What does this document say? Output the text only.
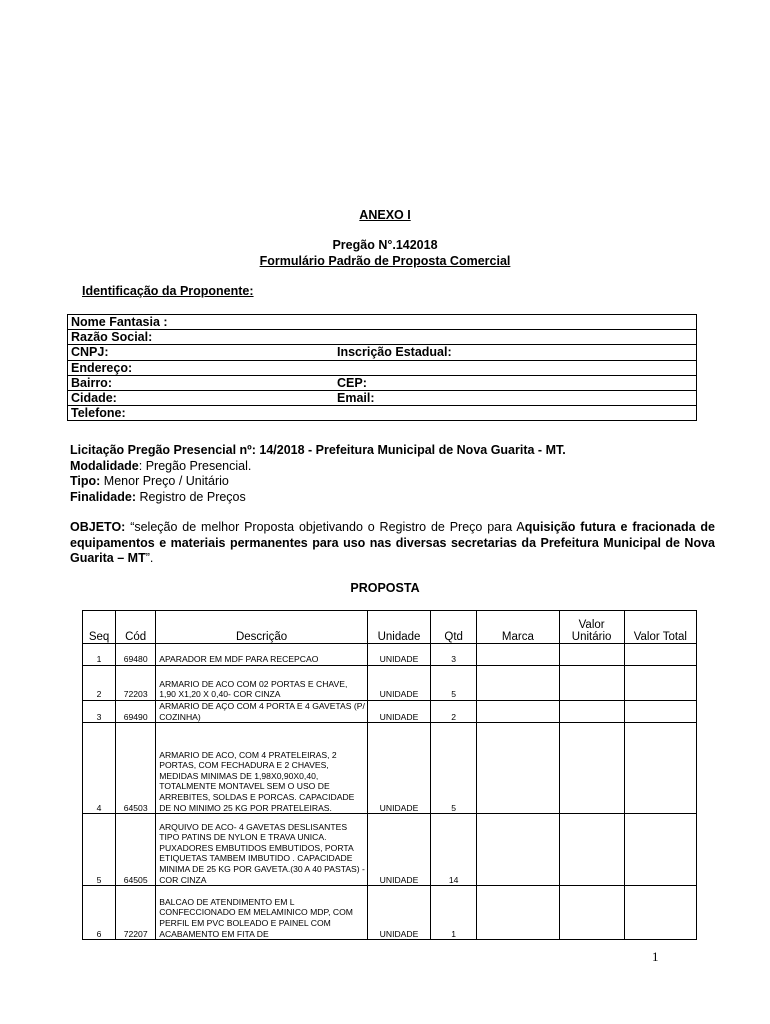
ANEXO I
Pregão N°.142018
Formulário Padrão de Proposta Comercial
Identificação da Proponente:
Nome Fantasia :	
Razão Social:	
CNPJ:	Inscrição Estadual:
Endereço:	
Bairro:	CEP:
Cidade:	Email:
Telefone:	
Licitação Pregão Presencial nº: 14/2018 - Prefeitura Municipal de Nova Guarita - MT.
Modalidade: Pregão Presencial.
Tipo: Menor Preço / Unitário
Finalidade: Registro de Preços
OBJETO: “seleção de melhor Proposta objetivando o Registro de Preço para Aquisição futura e fracionada de equipamentos e materiais permanentes para uso nas diversas secretarias da Prefeitura Municipal de Nova Guarita – MT”.
PROPOSTA
Seq	Cód	Descrição	Unidade	Qtd	Marca	Valor Unitário	Valor Total
1	69480	APARADOR EM MDF PARA RECEPCAO	UNIDADE	3			
2	72203	ARMARIO DE ACO COM 02 PORTAS E CHAVE, 1,90 X1,20 X 0,40- COR CINZA	UNIDADE	5			
3	69490	ARMARIO DE AÇO COM 4 PORTA E 4 GAVETAS (P/ COZINHA)	UNIDADE	2			
4	64503	ARMARIO DE ACO, COM 4 PRATELEIRAS, 2 PORTAS, COM FECHADURA E 2 CHAVES, MEDIDAS MINIMAS DE 1,98X0,90X0,40, TOTALMENTE MONTAVEL SEM O USO DE ARREBITES, SOLDAS E PORCAS. CAPACIDADE DE NO MINIMO 25 KG POR PRATELEIRAS.	UNIDADE	5			
5	64505	ARQUIVO DE ACO- 4 GAVETAS DESLISANTES TIPO PATINS DE NYLON E TRAVA UNICA. PUXADORES EMBUTIDOS EMBUTIDOS, PORTA ETIQUETAS TAMBEM IMBUTIDO . CAPACIDADE MINIMA DE 25 KG POR GAVETA.(30 A 40 PASTAS) - COR CINZA	UNIDADE	14			
6	72207	BALCAO DE ATENDIMENTO EM L CONFECCIONADO EM MELAMINICO MDP, COM PERFIL EM PVC BOLEADO E PAINEL COM ACABAMENTO EM FITA DE	UNIDADE	1			
1
